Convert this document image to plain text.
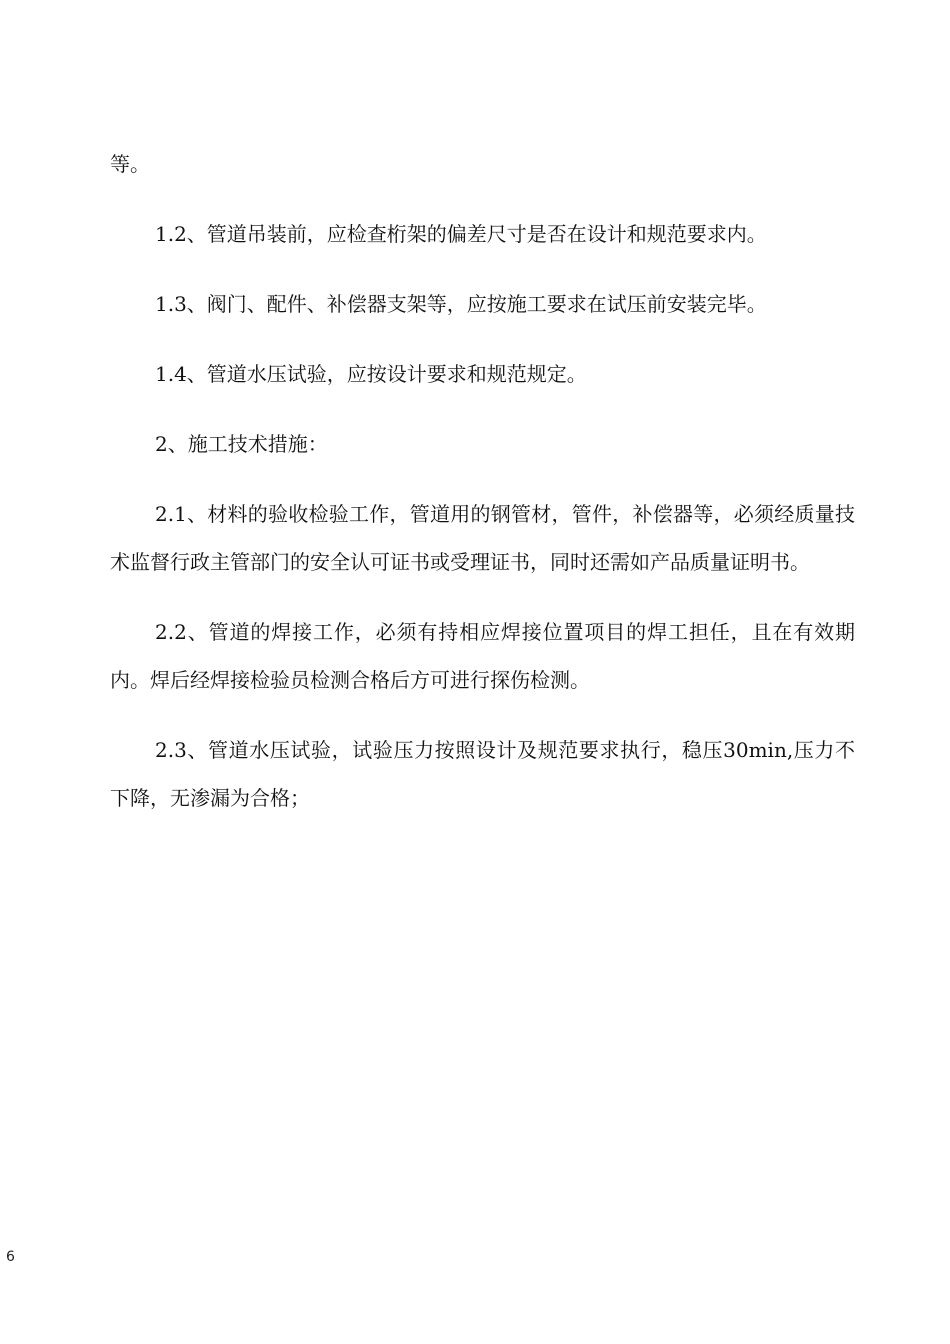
等。

1.2、管道吊装前，应检查桁架的偏差尺寸是否在设计和规范要求内。

1.3、阀门、配件、补偿器支架等，应按施工要求在试压前安装完毕。

1.4、管道水压试验，应按设计要求和规范规定。

2、施工技术措施：

2.1、材料的验收检验工作，管道用的钢管材，管件，补偿器等，必须经质量技术监督行政主管部门的安全认可证书或受理证书，同时还需如产品质量证明书。

2.2、管道的焊接工作，必须有持相应焊接位置项目的焊工担任，且在有效期内。焊后经焊接检验员检测合格后方可进行探伤检测。

2.3、管道水压试验，试验压力按照设计及规范要求执行，稳压30min,压力不下降，无渗漏为合格；

6
